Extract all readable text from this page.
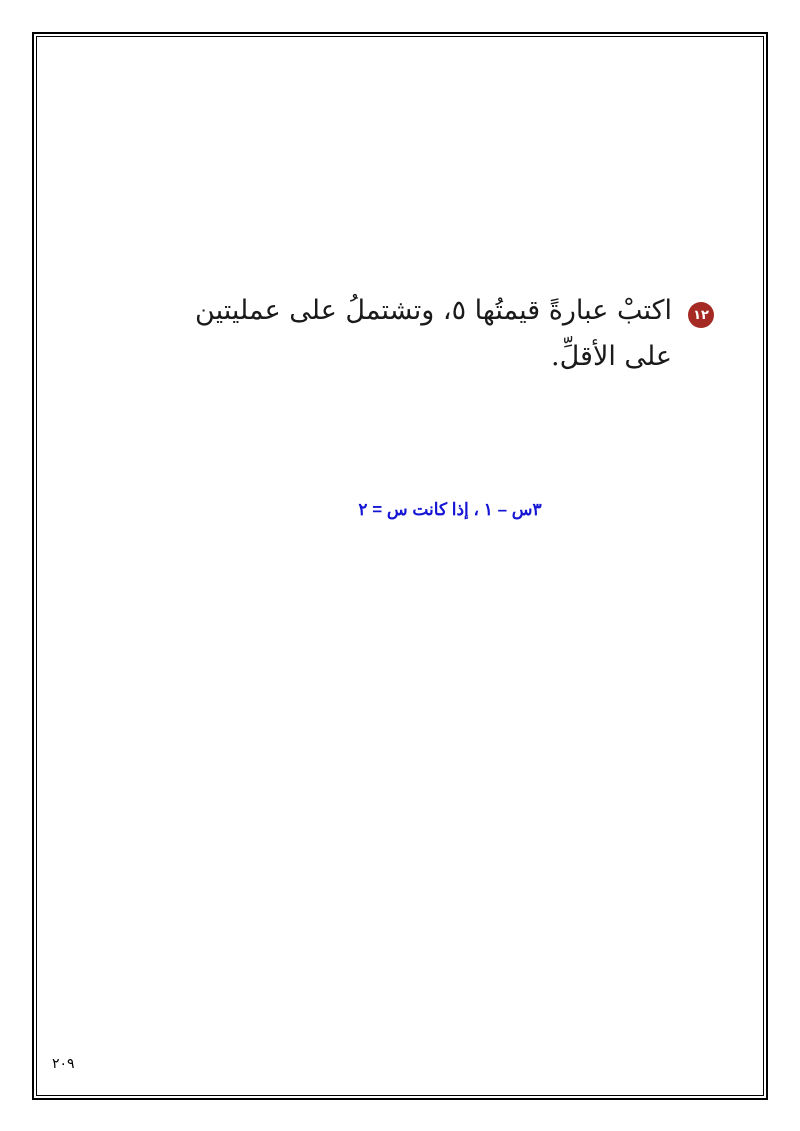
١٢
اكتبْ عبارةً قيمتُها ٥، وتشتملُ على عمليتين
على الأقلِّ.
٣س – ١ ، إذا كانت س = ٢
٢٠٩
